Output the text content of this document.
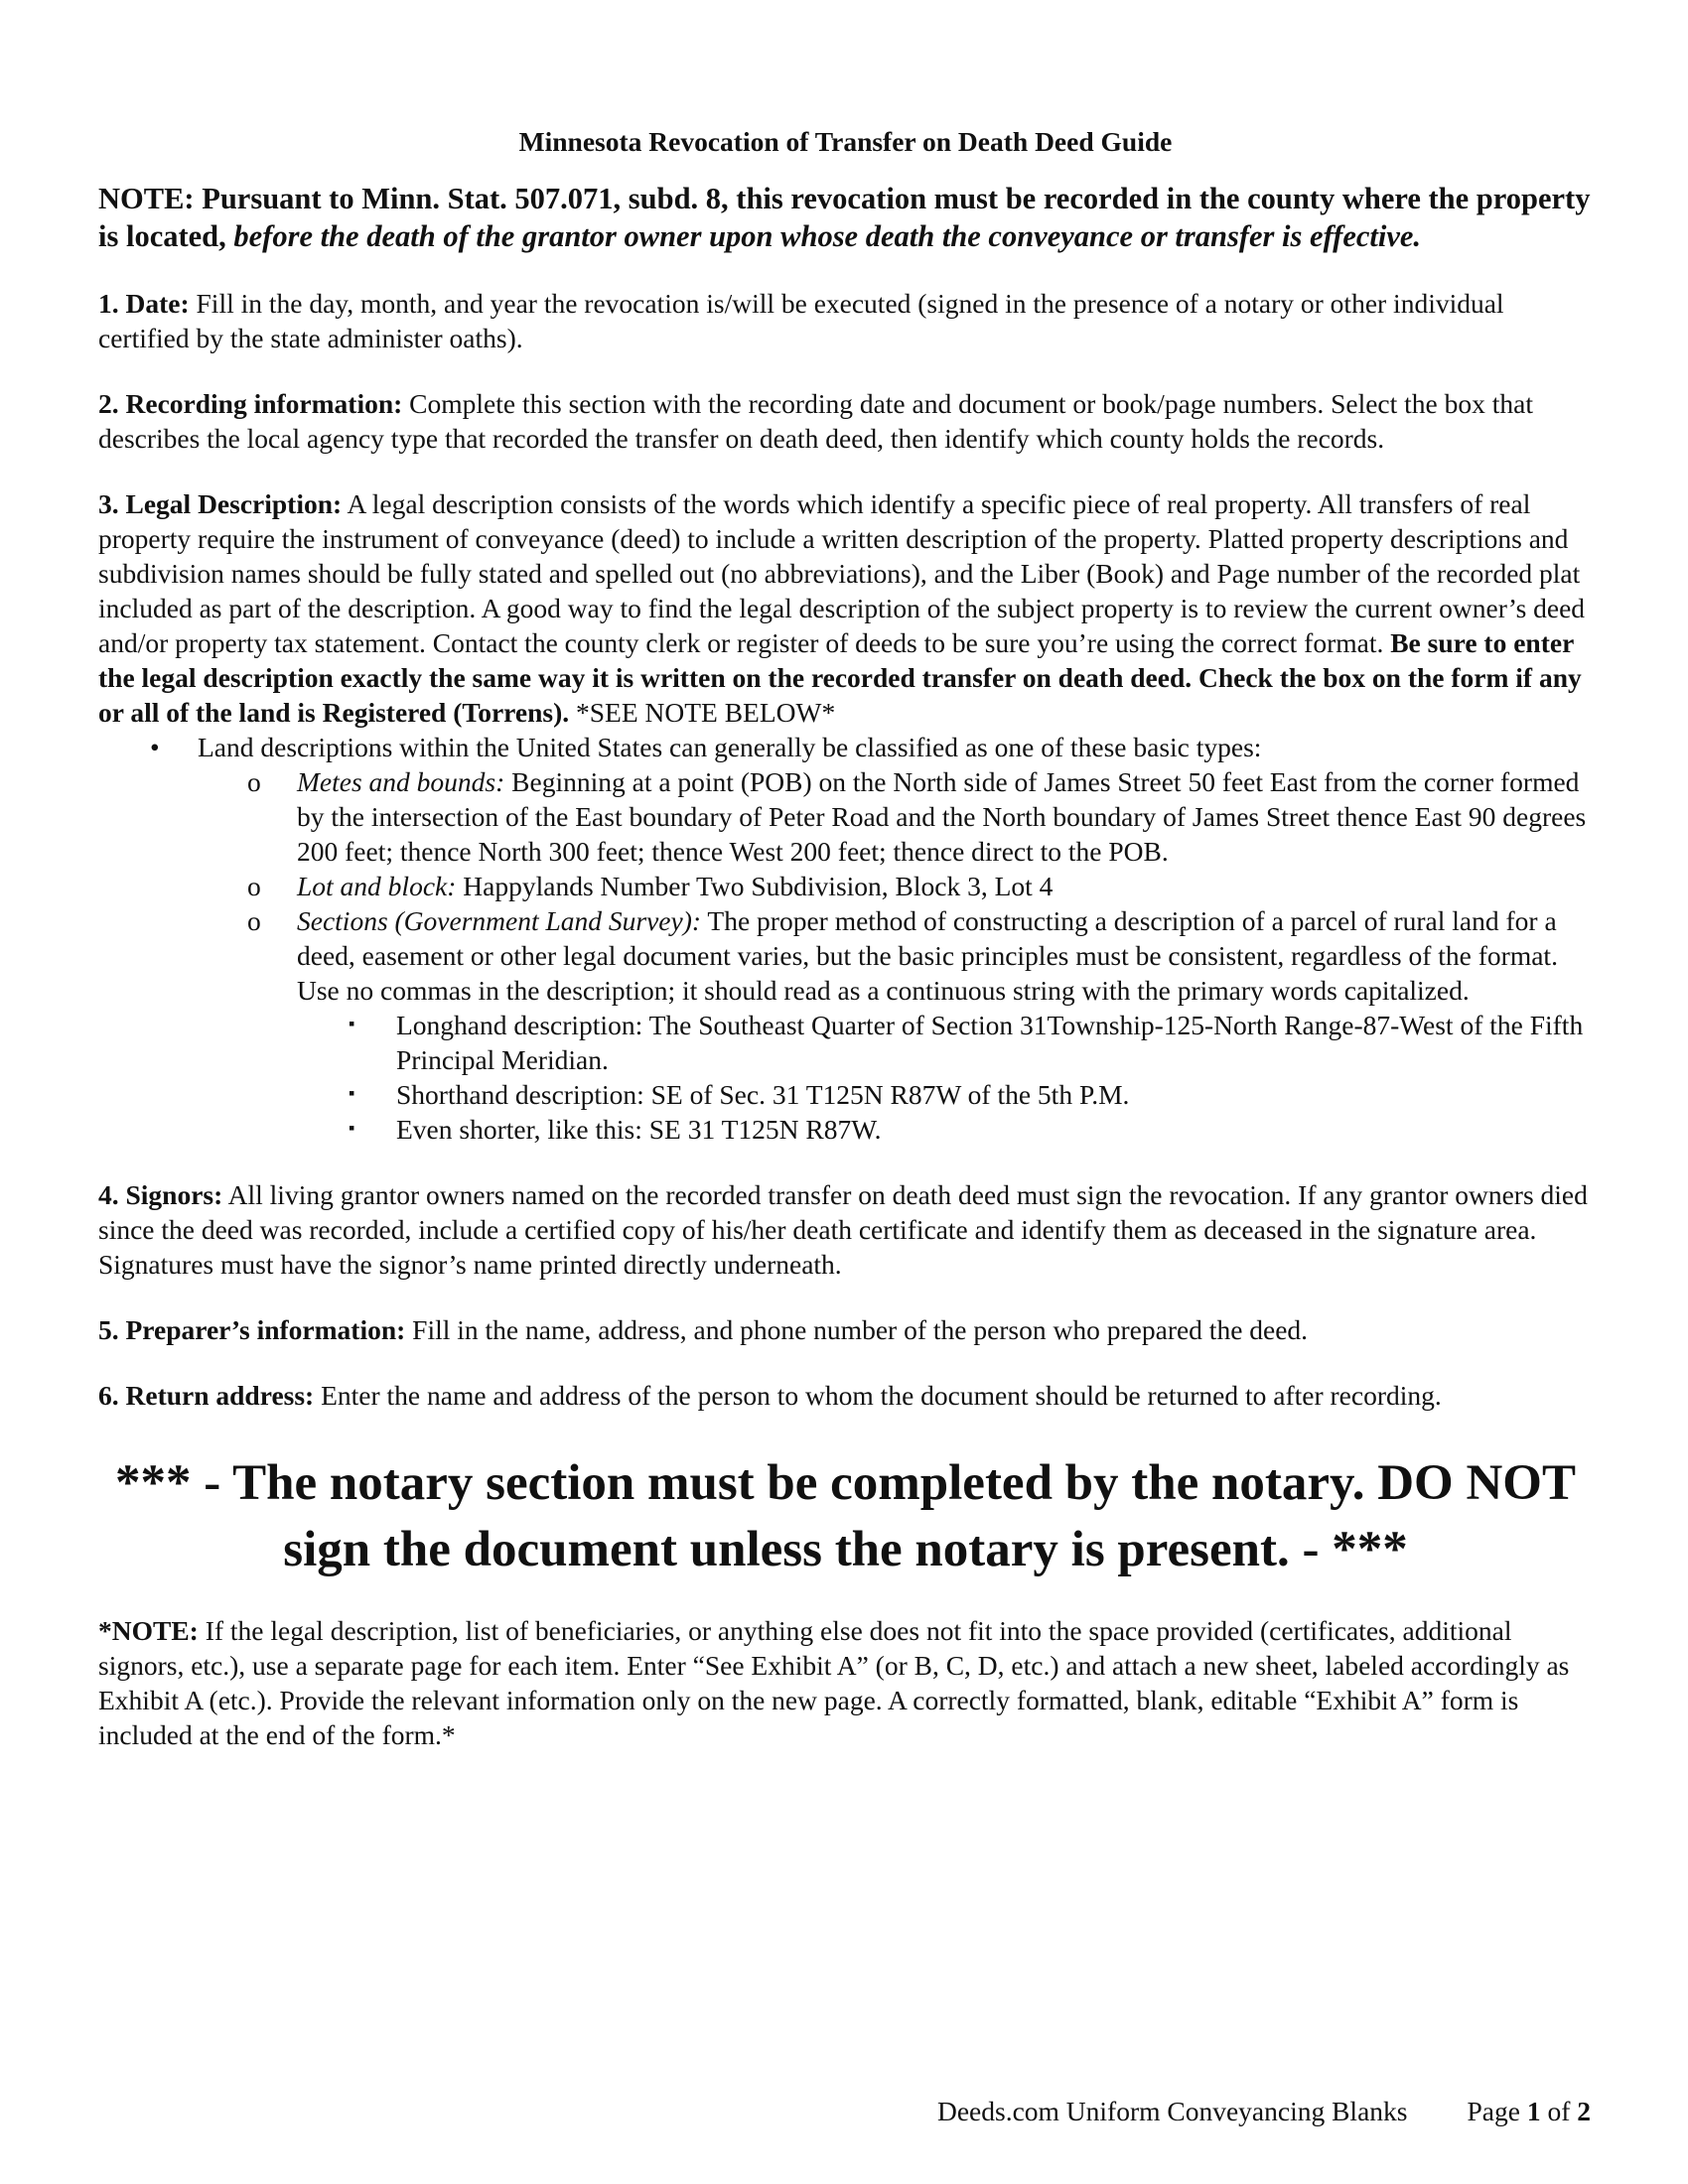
Minnesota Revocation of Transfer on Death Deed Guide
NOTE: Pursuant to Minn. Stat. 507.071, subd. 8, this revocation must be recorded in the county where the property is located, before the death of the grantor owner upon whose death the conveyance or transfer is effective.
1. Date: Fill in the day, month, and year the revocation is/will be executed (signed in the presence of a notary or other individual certified by the state administer oaths).
2. Recording information: Complete this section with the recording date and document or book/page numbers. Select the box that describes the local agency type that recorded the transfer on death deed, then identify which county holds the records.
3. Legal Description: A legal description consists of the words which identify a specific piece of real property. All transfers of real property require the instrument of conveyance (deed) to include a written description of the property. Platted property descriptions and subdivision names should be fully stated and spelled out (no abbreviations), and the Liber (Book) and Page number of the recorded plat included as part of the description. A good way to find the legal description of the subject property is to review the current owner’s deed and/or property tax statement. Contact the county clerk or register of deeds to be sure you’re using the correct format. Be sure to enter the legal description exactly the same way it is written on the recorded transfer on death deed. Check the box on the form if any or all of the land is Registered (Torrens). *SEE NOTE BELOW*
• Land descriptions within the United States can generally be classified as one of these basic types:
o Metes and bounds: Beginning at a point (POB) on the North side of James Street 50 feet East from the corner formed by the intersection of the East boundary of Peter Road and the North boundary of James Street thence East 90 degrees 200 feet; thence North 300 feet; thence West 200 feet; thence direct to the POB.
o Lot and block: Happylands Number Two Subdivision, Block 3, Lot 4
o Sections (Government Land Survey): The proper method of constructing a description of a parcel of rural land for a deed, easement or other legal document varies, but the basic principles must be consistent, regardless of the format. Use no commas in the description; it should read as a continuous string with the primary words capitalized.
▪ Longhand description: The Southeast Quarter of Section 31Township-125-North Range-87-West of the Fifth Principal Meridian.
▪ Shorthand description: SE of Sec. 31 T125N R87W of the 5th P.M.
▪ Even shorter, like this: SE 31 T125N R87W.
4. Signors: All living grantor owners named on the recorded transfer on death deed must sign the revocation. If any grantor owners died since the deed was recorded, include a certified copy of his/her death certificate and identify them as deceased in the signature area. Signatures must have the signor’s name printed directly underneath.
5. Preparer’s information: Fill in the name, address, and phone number of the person who prepared the deed.
6. Return address: Enter the name and address of the person to whom the document should be returned to after recording.
*** - The notary section must be completed by the notary. DO NOT sign the document unless the notary is present. - ***
*NOTE: If the legal description, list of beneficiaries, or anything else does not fit into the space provided (certificates, additional signors, etc.), use a separate page for each item. Enter “See Exhibit A” (or B, C, D, etc.) and attach a new sheet, labeled accordingly as Exhibit A (etc.). Provide the relevant information only on the new page. A correctly formatted, blank, editable “Exhibit A” form is included at the end of the form.*
Deeds.com Uniform Conveyancing Blanks Page 1 of 2
